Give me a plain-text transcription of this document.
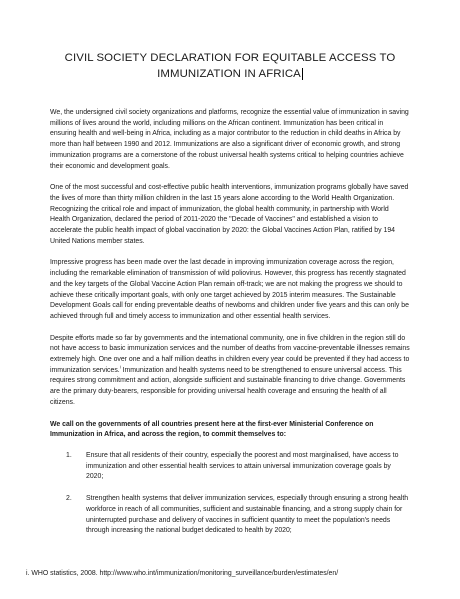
CIVIL SOCIETY DECLARATION FOR EQUITABLE ACCESS TO
IMMUNIZATION IN AFRICA

We, the undersigned civil society organizations and platforms, recognize the essential value of immunization in saving millions of lives around the world, including millions on the African continent. Immunization has been critical in ensuring health and well-being in Africa, including as a major contributor to the reduction in child deaths in Africa by more than half between 1990 and 2012. Immunizations are also a significant driver of economic growth, and strong immunization programs are a cornerstone of the robust universal health systems critical to helping countries achieve their economic and development goals.

One of the most successful and cost-effective public health interventions, immunization programs globally have saved the lives of more than thirty million children in the last 15 years alone according to the World Health Organization. Recognizing the critical role and impact of immunization, the global health community, in partnership with World Health Organization, declared the period of 2011-2020 the "Decade of Vaccines" and established a vision to accelerate the public health impact of global vaccination by 2020: the Global Vaccines Action Plan, ratified by 194 United Nations member states.

Impressive progress has been made over the last decade in improving immunization coverage across the region, including the remarkable elimination of transmission of wild poliovirus. However, this progress has recently stagnated and the key targets of the Global Vaccine Action Plan remain off-track; we are not making the progress we should to achieve these critically important goals, with only one target achieved by 2015 interim measures. The Sustainable Development Goals call for ending preventable deaths of newborns and children under five years and this can only be achieved through full and timely access to immunization and other essential health services.

Despite efforts made so far by governments and the international community, one in five children in the region still do not have access to basic immunization services and the number of deaths from vaccine-preventable illnesses remains extremely high. One over one and a half million deaths in children every year could be prevented if they had access to immunization services.$^i$ Immunization and health systems need to be strengthened to ensure universal access. This requires strong commitment and action, alongside sufficient and sustainable financing to drive change. Governments are the primary duty-bearers, responsible for providing universal health coverage and ensuring the health of all citizens.

We call on the governments of all countries present here at the first-ever Ministerial Conference on Immunization in Africa, and across the region, to commit themselves to:

1. Ensure that all residents of their country, especially the poorest and most marginalised, have access to immunization and other essential health services to attain universal immunization coverage goals by 2020;
2. Strengthen health systems that deliver immunization services, especially through ensuring a strong health workforce in reach of all communities, sufficient and sustainable financing, and a strong supply chain for uninterrupted purchase and delivery of vaccines in sufficient quantity to meet the population's needs through increasing the national budget dedicated to health by 2020;
i. WHO statistics, 2008. http://www.who.int/immunization/monitoring_surveillance/burden/estimates/en/
